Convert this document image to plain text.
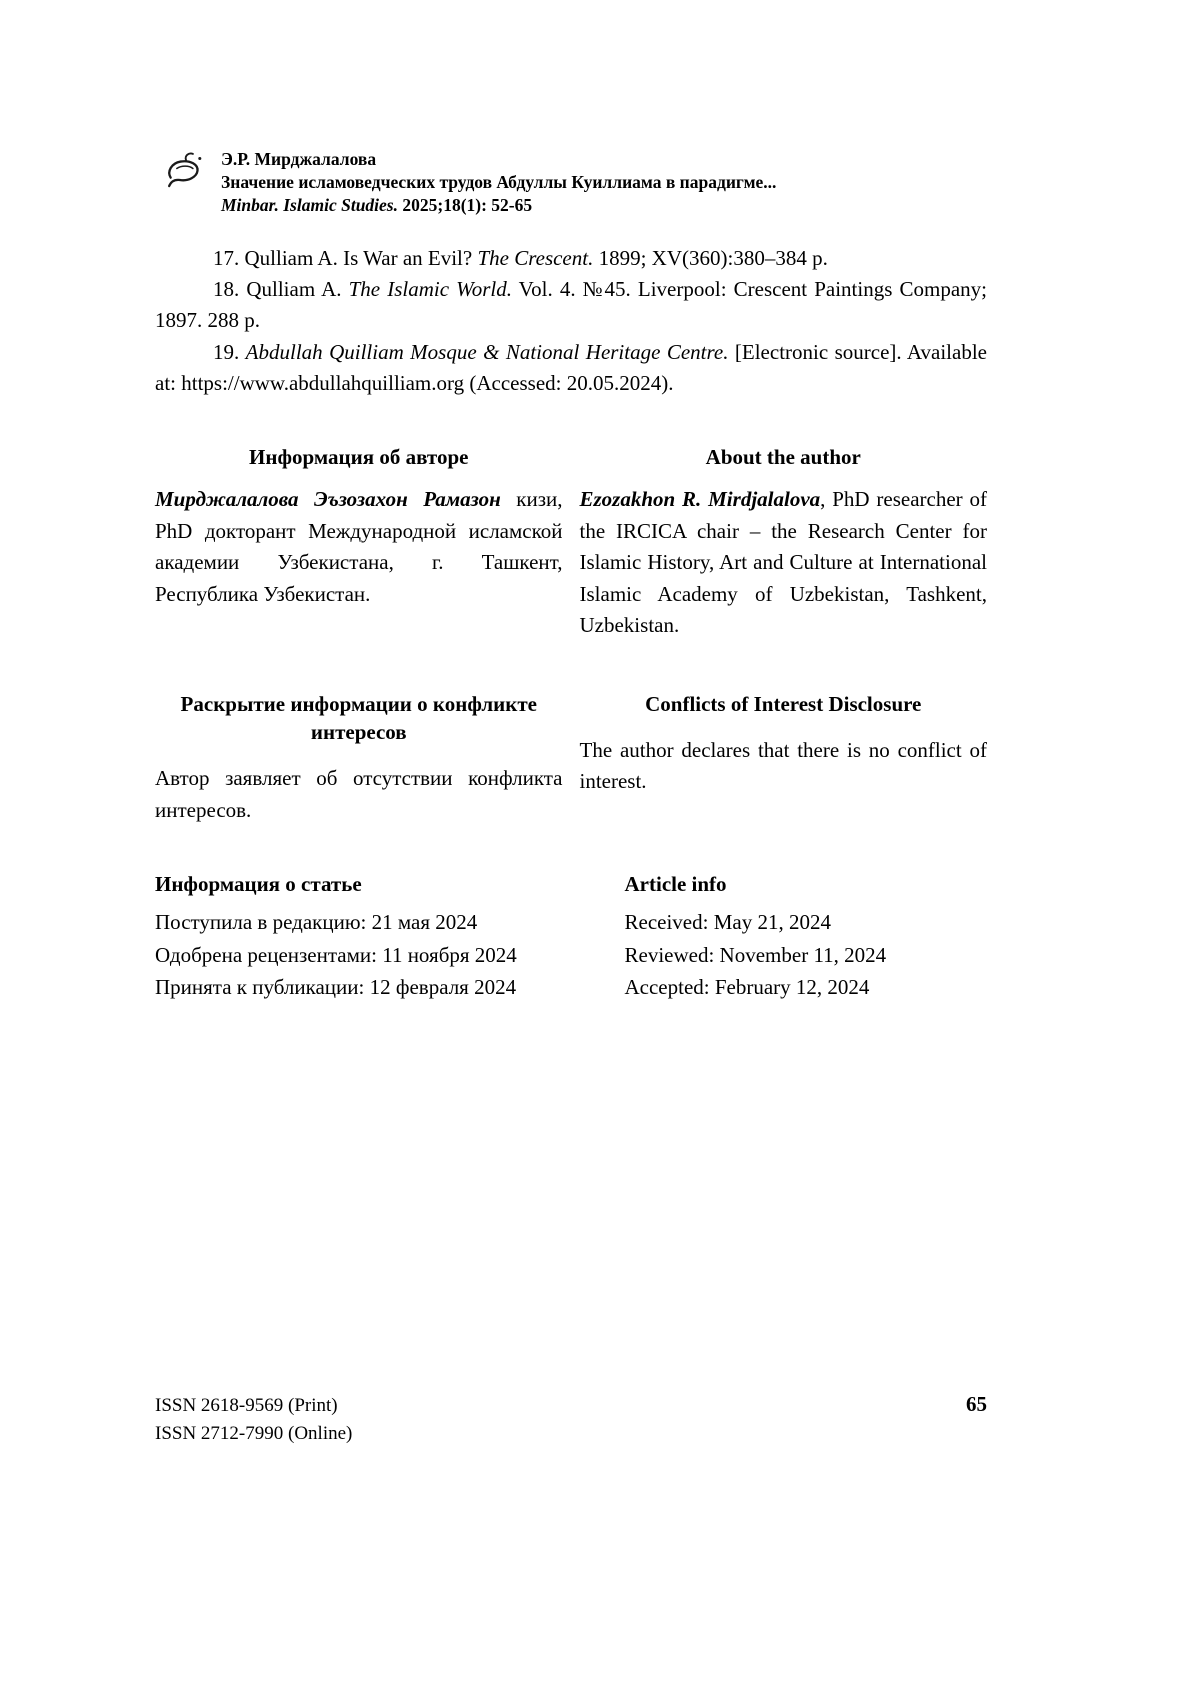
Э.Р. Мирджалалова
Значение исламоведческих трудов Абдуллы Куиллиама в парадигме...
Minbar. Islamic Studies. 2025;18(1): 52-65

17. Qulliam A. Is War an Evil? The Crescent. 1899; XV(360):380–384 p.

18. Qulliam A. The Islamic World. Vol. 4. №45. Liverpool: Crescent Paintings Company; 1897. 288 p.

19. Abdullah Quilliam Mosque & National Heritage Centre. [Electronic source]. Available at: https://www.abdullahquilliam.org (Accessed: 20.05.2024).

Информация об авторе

Мирджалалова Эъзозахон Рамазон кизи, PhD докторант Международной исламской академии Узбекистана, г. Ташкент, Республика Узбекистан.

About the author

Ezozakhon R. Mirdjalalova, PhD researcher of the IRCICA chair – the Research Center for Islamic History, Art and Culture at International Islamic Academy of Uzbekistan, Tashkent, Uzbekistan.

Раскрытие информации о конфликте интересов

Автор заявляет об отсутствии конфликта интересов.

Conflicts of Interest Disclosure

The author declares that there is no conflict of interest.

Информация о статье
Поступила в редакцию: 21 мая 2024
Одобрена рецензентами: 11 ноября 2024
Принята к публикации: 12 февраля 2024
Article info
Received: May 21, 2024
Reviewed: November 11, 2024
Accepted: February 12, 2024
ISSN 2618-9569 (Print)
ISSN 2712-7990 (Online)
65
